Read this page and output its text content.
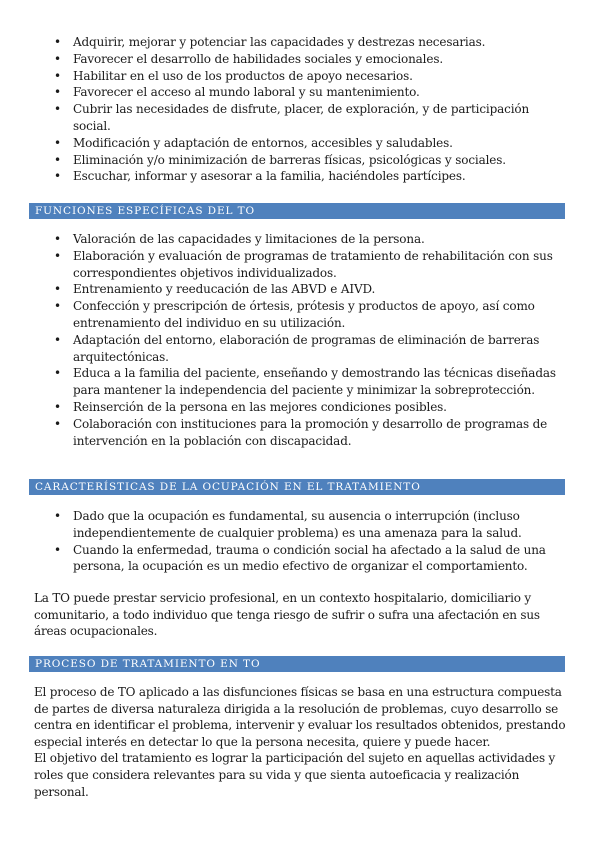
• Adquirir, mejorar y potenciar las capacidades y destrezas necesarias.
• Favorecer el desarrollo de habilidades sociales y emocionales.
• Habilitar en el uso de los productos de apoyo necesarios.
• Favorecer el acceso al mundo laboral y su mantenimiento.
• Cubrir las necesidades de disfrute, placer, de exploración, y de participación social.
• Modificación y adaptación de entornos, accesibles y saludables.
• Eliminación y/o minimización de barreras físicas, psicológicas y sociales.
• Escuchar, informar y asesorar a la familia, haciéndoles partícipes.
FUNCIONES ESPECÍFICAS DEL TO
• Valoración de las capacidades y limitaciones de la persona.
• Elaboración y evaluación de programas de tratamiento de rehabilitación con sus correspondientes objetivos individualizados.
• Entrenamiento y reeducación de las ABVD e AIVD.
• Confección y prescripción de órtesis, prótesis y productos de apoyo, así como entrenamiento del individuo en su utilización.
• Adaptación del entorno, elaboración de programas de eliminación de barreras arquitectónicas.
• Educa a la familia del paciente, enseñando y demostrando las técnicas diseñadas para mantener la independencia del paciente y minimizar la sobreprotección.
• Reinserción de la persona en las mejores condiciones posibles.
• Colaboración con instituciones para la promoción y desarrollo de programas de intervención en la población con discapacidad.
CARACTERÍSTICAS DE LA OCUPACIÓN EN EL TRATAMIENTO
• Dado que la ocupación es fundamental, su ausencia o interrupción (incluso independientemente de cualquier problema) es una amenaza para la salud.
• Cuando la enfermedad, trauma o condición social ha afectado a la salud de una persona, la ocupación es un medio efectivo de organizar el comportamiento.

La TO puede prestar servicio profesional, en un contexto hospitalario, domiciliario y comunitario, a todo individuo que tenga riesgo de sufrir o sufra una afectación en sus áreas ocupacionales.

PROCESO DE TRATAMIENTO EN TO

El proceso de TO aplicado a las disfunciones físicas se basa en una estructura compuesta de partes de diversa naturaleza dirigida a la resolución de problemas, cuyo desarrollo se centra en identificar el problema, intervenir y evaluar los resultados obtenidos, prestando especial interés en detectar lo que la persona necesita, quiere y puede hacer.

El objetivo del tratamiento es lograr la participación del sujeto en aquellas actividades y roles que considera relevantes para su vida y que sienta autoeficacia y realización personal.
